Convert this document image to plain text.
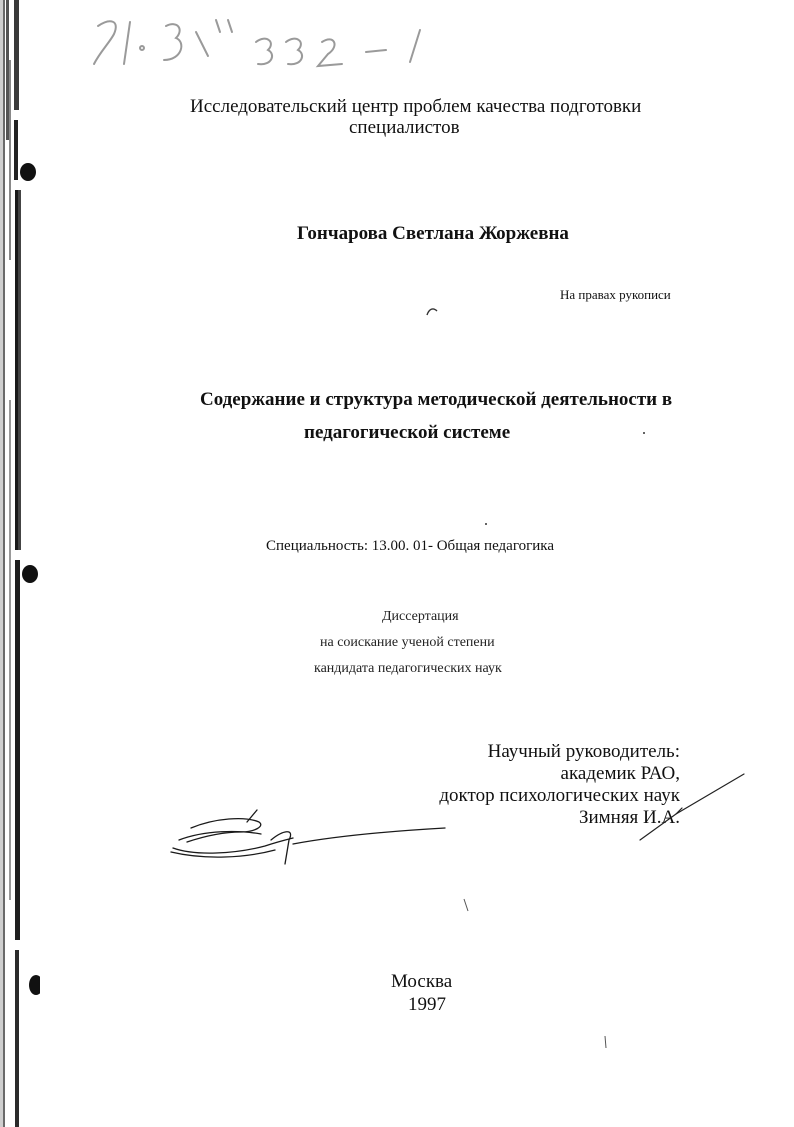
Исследовательский центр проблем качества подготовки

специалистов

Гончарова Светлана Жоржевна

На правах рукописи

Содержание и структура методической деятельности в

педагогической системе

Специальность: 13.00. 01- Общая педагогика

Диссертация

на соискание ученой степени

кандидата педагогических наук

Научный руководитель:
академик РАО,
доктор психологических наук
Зимняя И.А.

Москва

1997
